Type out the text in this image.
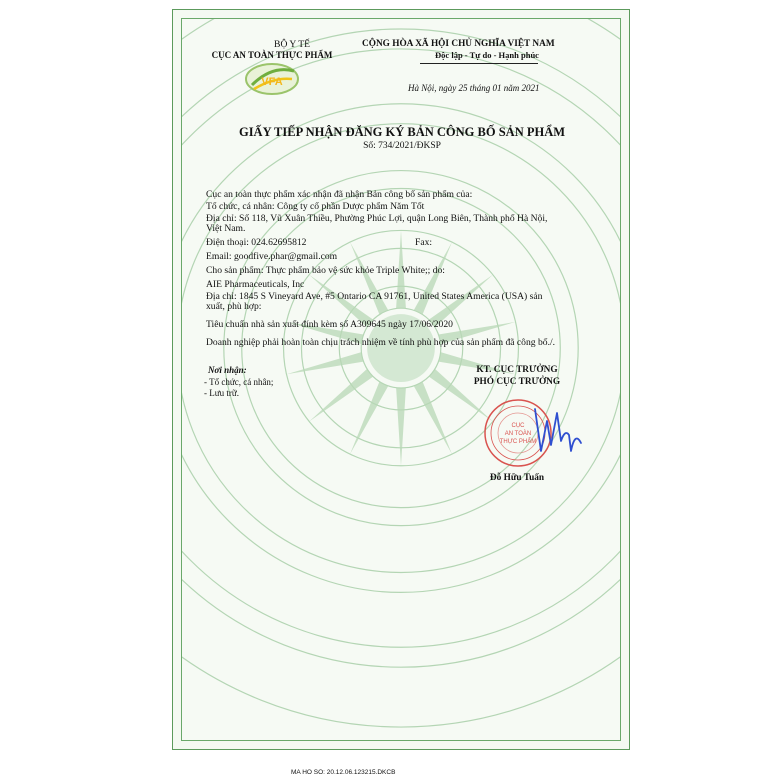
BỘ Y TẾ
CỤC AN TOÀN THỰC PHẨM
VFA
CỘNG HÒA XÃ HỘI CHỦ NGHĨA VIỆT NAM
Độc lập - Tự do - Hạnh phúc
Hà Nội, ngày 25 tháng 01 năm 2021
GIẤY TIẾP NHẬN ĐĂNG KÝ BẢN CÔNG BỐ SẢN PHẨM
Số: 734/2021/ĐKSP
Cục an toàn thực phẩm xác nhận đã nhận Bản công bố sản phẩm của:
Tổ chức, cá nhân: Công ty cổ phần Dược phẩm Năm Tốt
Địa chỉ: Số 118, Vũ Xuân Thiều, Phường Phúc Lợi, quận Long Biên, Thành phố Hà Nội,
Việt Nam.
Điện thoại: 024.62695812	Fax:
Email: goodfive.phar@gmail.com
Cho sản phẩm: Thực phẩm bảo vệ sức khỏe Triple White;; do:
AIE Pharmaceuticals, Inc
Địa chỉ: 1845 S Vineyard Ave, #5 Ontario CA 91761, United States America (USA) sản
xuất, phù hợp:
Tiêu chuẩn nhà sản xuất đính kèm số A309645 ngày 17/06/2020
Doanh nghiệp phải hoàn toàn chịu trách nhiệm về tính phù hợp của sản phẩm đã công bố./.
Nơi nhận:
- Tổ chức, cá nhân;
- Lưu trữ.
KT. CỤC TRƯỞNG
PHÓ CỤC TRƯỞNG
CỤC
AN TOÀN
THỰC PHẨM
Đỗ Hữu Tuấn
MA HO SO: 20.12.06.123215.DKCB
